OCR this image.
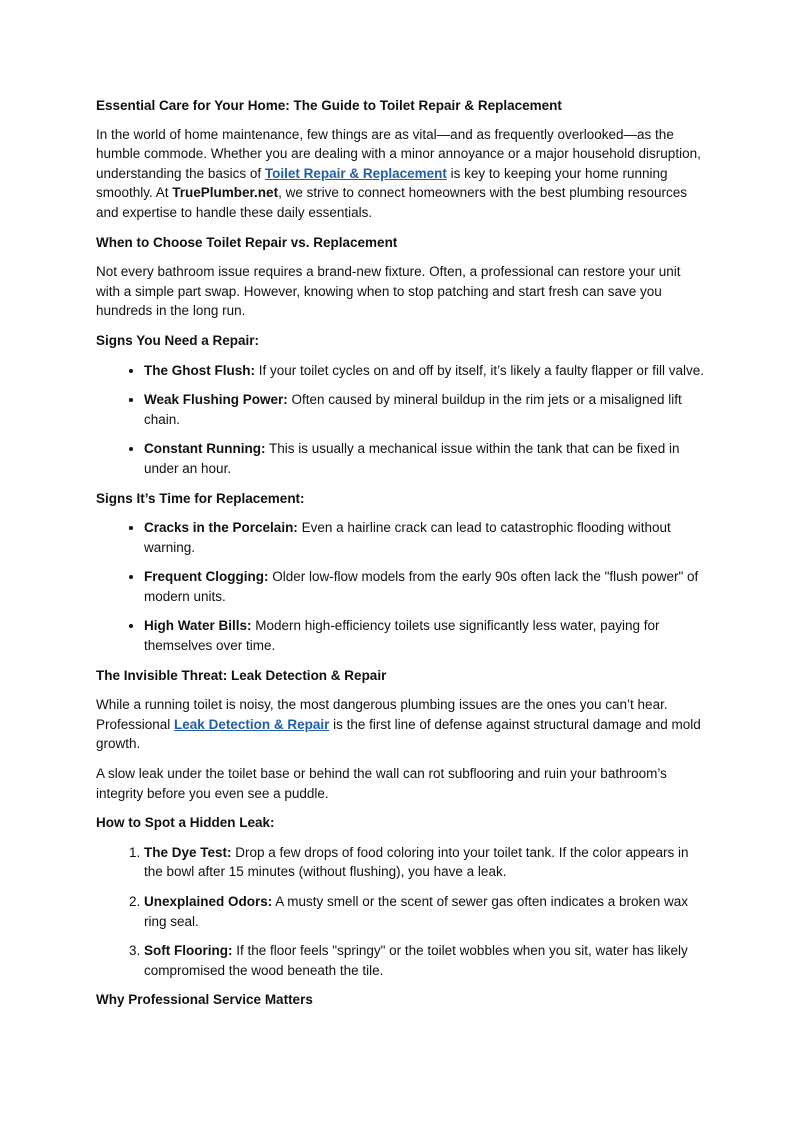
Essential Care for Your Home: The Guide to Toilet Repair & Replacement

In the world of home maintenance, few things are as vital—and as frequently overlooked—as the humble commode. Whether you are dealing with a minor annoyance or a major household disruption, understanding the basics of Toilet Repair & Replacement is key to keeping your home running smoothly. At TruePlumber.net, we strive to connect homeowners with the best plumbing resources and expertise to handle these daily essentials.

When to Choose Toilet Repair vs. Replacement

Not every bathroom issue requires a brand-new fixture. Often, a professional can restore your unit with a simple part swap. However, knowing when to stop patching and start fresh can save you hundreds in the long run.

Signs You Need a Repair:
• The Ghost Flush: If your toilet cycles on and off by itself, it’s likely a faulty flapper or fill valve.
• Weak Flushing Power: Often caused by mineral buildup in the rim jets or a misaligned lift chain.
• Constant Running: This is usually a mechanical issue within the tank that can be fixed in under an hour.
Signs It’s Time for Replacement:
• Cracks in the Porcelain: Even a hairline crack can lead to catastrophic flooding without warning.
• Frequent Clogging: Older low-flow models from the early 90s often lack the "flush power" of modern units.
• High Water Bills: Modern high-efficiency toilets use significantly less water, paying for themselves over time.
The Invisible Threat: Leak Detection & Repair

While a running toilet is noisy, the most dangerous plumbing issues are the ones you can’t hear. Professional Leak Detection & Repair is the first line of defense against structural damage and mold growth.

A slow leak under the toilet base or behind the wall can rot subflooring and ruin your bathroom’s integrity before you even see a puddle.

How to Spot a Hidden Leak:
1. The Dye Test: Drop a few drops of food coloring into your toilet tank. If the color appears in the bowl after 15 minutes (without flushing), you have a leak.
2. Unexplained Odors: A musty smell or the scent of sewer gas often indicates a broken wax ring seal.
3. Soft Flooring: If the floor feels "springy" or the toilet wobbles when you sit, water has likely compromised the wood beneath the tile.
Why Professional Service Matters
